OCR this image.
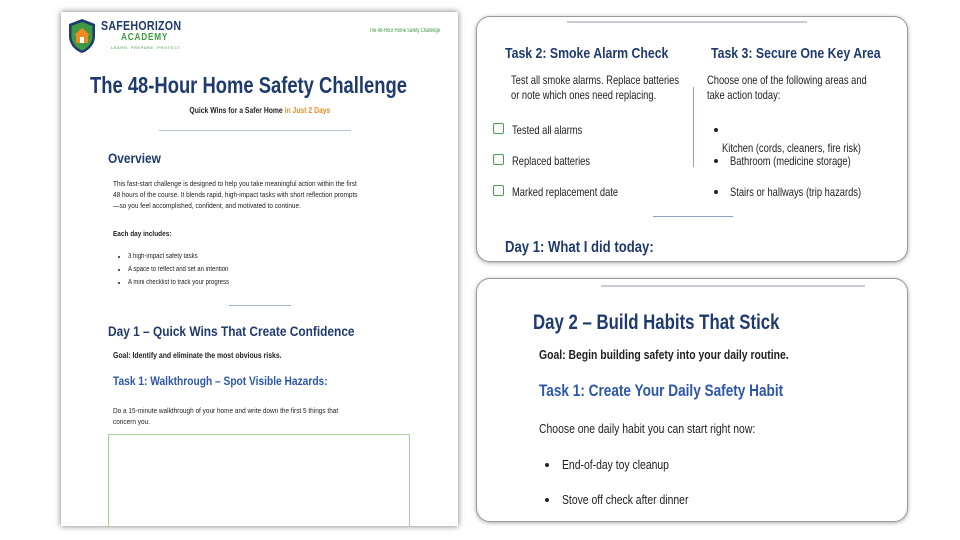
SAFEHORIZON
ACADEMY
LEARN. PREPARE. PROTECT
The 48-Hour Home Safety Challenge
The 48-Hour Home Safety Challenge
Quick Wins for a Safer Home in Just 2 Days
Overview
This fast-start challenge is designed to help you take meaningful action within the first
48 hours of the course. It blends rapid, high-impact tasks with short reflection prompts
—so you feel accomplished, confident, and motivated to continue.
Each day includes:
• 3 high-impact safety tasks
• A space to reflect and set an intention
• A mini checklist to track your progress
Day 1 – Quick Wins That Create Confidence
Goal: Identify and eliminate the most obvious risks.
Task 1: Walkthrough – Spot Visible Hazards:
Do a 15-minute walkthrough of your home and write down the first 5 things that
concern you.
Task 2: Smoke Alarm Check
Test all smoke alarms. Replace batteries
or note which ones need replacing.
Tested all alarms
Replaced batteries
Marked replacement date
Task 3: Secure One Key Area
Choose one of the following areas and
take action today:
Kitchen (cords, cleaners, fire risk)
Bathroom (medicine storage)
Stairs or hallways (trip hazards)
Day 1: What I did today:
Day 2 – Build Habits That Stick
Goal: Begin building safety into your daily routine.
Task 1: Create Your Daily Safety Habit
Choose one daily habit you can start right now:
End-of-day toy cleanup
Stove off check after dinner
